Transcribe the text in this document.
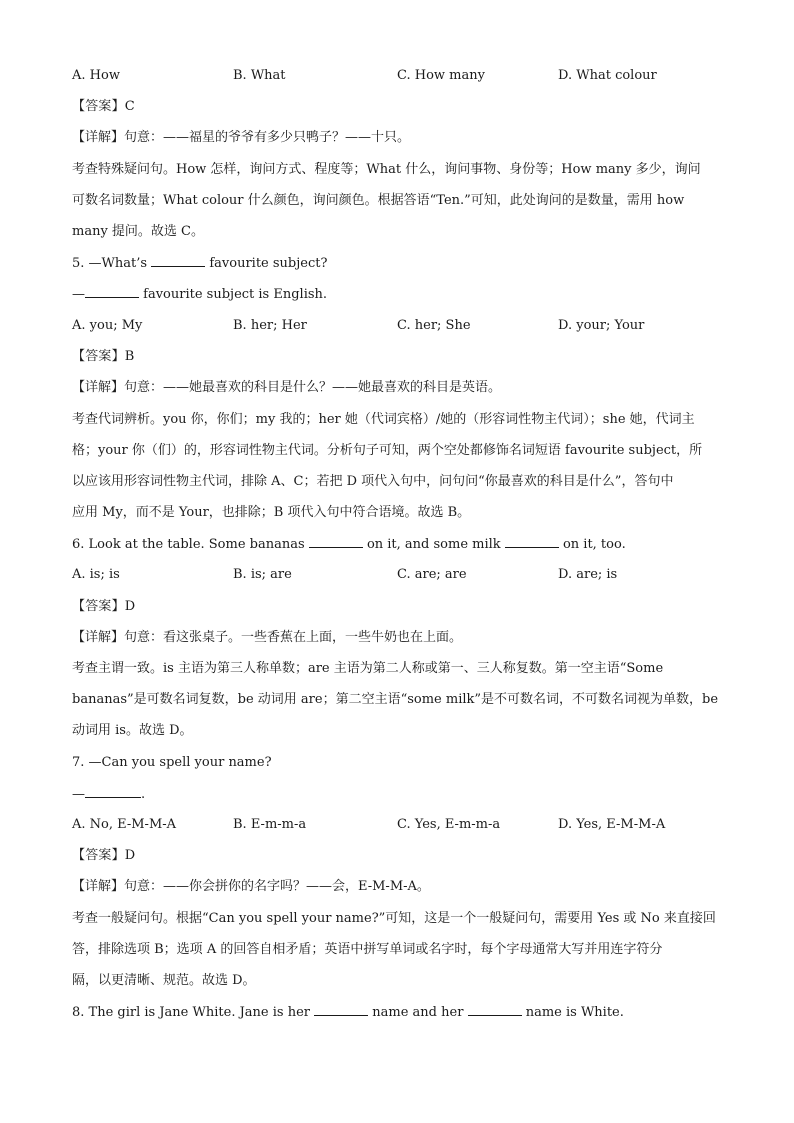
A. How	B. What	C. How many	D. What colour
【答案】C
【详解】句意：——福星的爷爷有多少只鸭子？——十只。
考查特殊疑问句。How 怎样，询问方式、程度等；What 什么，询问事物、身份等；How many 多少，询问
可数名词数量；What colour 什么颜色，询问颜色。根据答语“Ten.”可知，此处询问的是数量，需用 how
many 提问。故选 C。
5. —What’s	favourite subject?
—	favourite subject is English.
A. you; My	B. her; Her	C. her; She	D. your; Your
【答案】B
【详解】句意：——她最喜欢的科目是什么？——她最喜欢的科目是英语。
考查代词辨析。you 你，你们；my 我的；her 她（代词宾格）/她的（形容词性物主代词）；she 她，代词主
格；your 你（们）的，形容词性物主代词。分析句子可知，两个空处都修饰名词短语 favourite subject，所
以应该用形容词性物主代词，排除 A、C；若把 D 项代入句中，问句问“你最喜欢的科目是什么”，答句中
应用 My，而不是 Your，也排除；B 项代入句中符合语境。故选 B。
6. Look at the table. Some bananas	on it, and some milk	on it, too.
A. is; is	B. is; are	C. are; are	D. are; is
【答案】D
【详解】句意：看这张桌子。一些香蕉在上面，一些牛奶也在上面。
考查主谓一致。is 主语为第三人称单数；are 主语为第二人称或第一、三人称复数。第一空主语“Some
bananas”是可数名词复数，be 动词用 are；第二空主语“some milk”是不可数名词，不可数名词视为单数，be
动词用 is。故选 D。
7. —Can you spell your name?
—	.
A. No, E-M-M-A	B. E-m-m-a	C. Yes, E-m-m-a	D. Yes, E-M-M-A
【答案】D
【详解】句意：——你会拼你的名字吗？——会，E-M-M-A。
考查一般疑问句。根据“Can you spell your name?”可知，这是一个一般疑问句，需要用 Yes 或 No 来直接回
答，排除选项 B；选项 A 的回答自相矛盾；英语中拼写单词或名字时，每个字母通常大写并用连字符分
隔，以更清晰、规范。故选 D。
8. The girl is Jane White. Jane is her	name and her	name is White.
